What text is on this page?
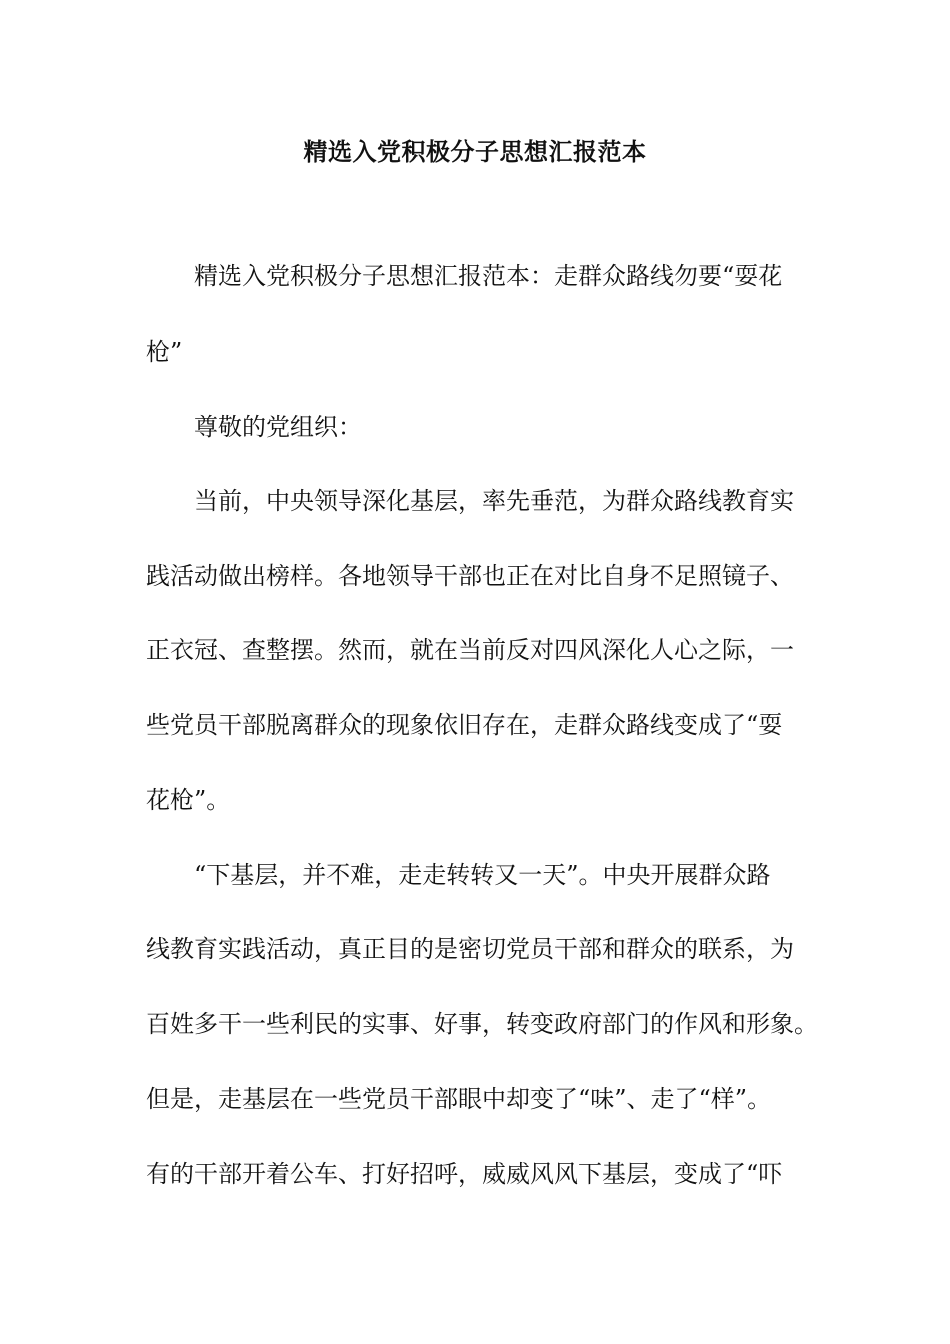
精选入党积极分子思想汇报范本

精选入党积极分子思想汇报范本：走群众路线勿要“耍花

枪”

尊敬的党组织：

当前，中央领导深化基层，率先垂范，为群众路线教育实

践活动做出榜样。各地领导干部也正在对比自身不足照镜子、

正衣冠、查整摆。然而，就在当前反对四风深化人心之际，一

些党员干部脱离群众的现象依旧存在，走群众路线变成了“耍

花枪”。

“下基层，并不难，走走转转又一天”。中央开展群众路

线教育实践活动，真正目的是密切党员干部和群众的联系，为

百姓多干一些利民的实事、好事，转变政府部门的作风和形象。

但是，走基层在一些党员干部眼中却变了“味”、走了“样”。

有的干部开着公车、打好招呼，威威风风下基层，变成了“吓
